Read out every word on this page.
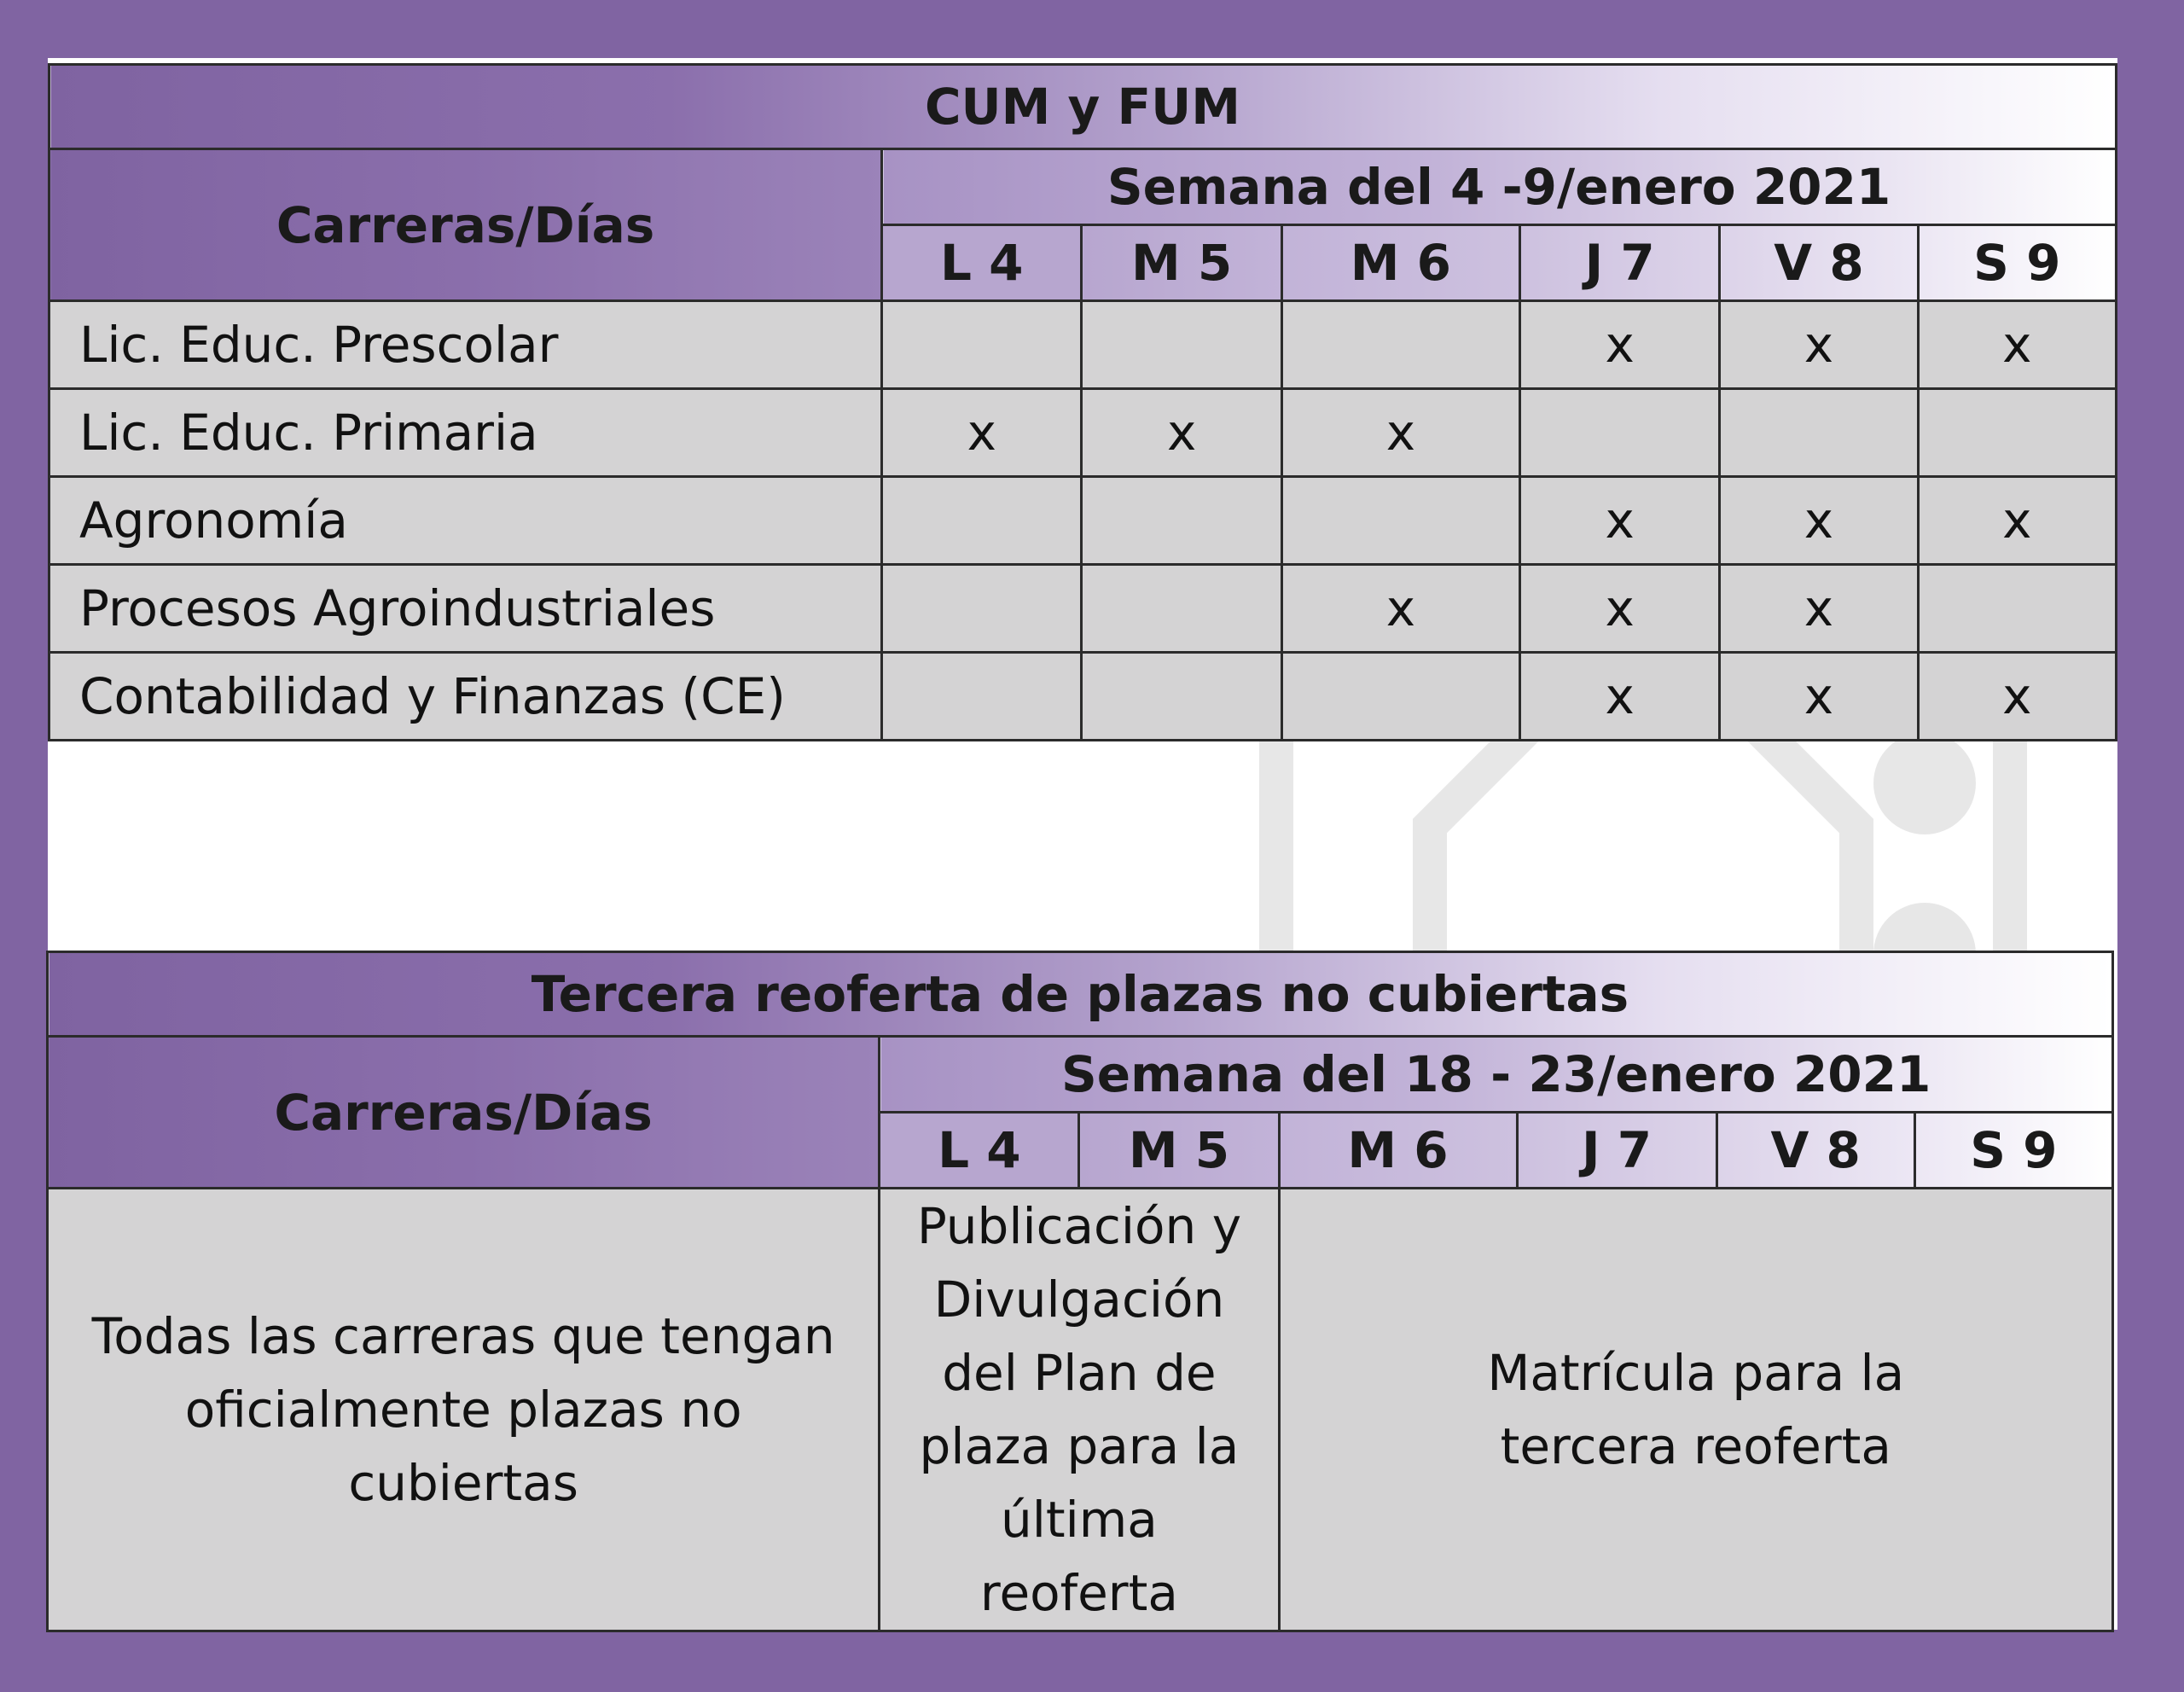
CUM y FUM						
Carreras/Días	Semana del 4 -9/enero 2021					
	L 4	M 5	M 6	J 7	V 8	S 9
Lic. Educ. Prescolar				x	x	x
Lic. Educ. Primaria	x	x	x			
Agronomía				x	x	x
Procesos Agroindustriales			x	x	x	
Contabilidad y Finanzas (CE)				x	x	x
Tercera reoferta de plazas no cubiertas						
Carreras/Días	Semana del 18 - 23/enero 2021					
	L 4	M 5	M 6	J 7	V 8	S 9
Todas las carreras que tengan oficialmente plazas no cubiertas	Publicación y Divulgación del Plan de plaza para la última reoferta		Matrícula para la tercera reoferta			
